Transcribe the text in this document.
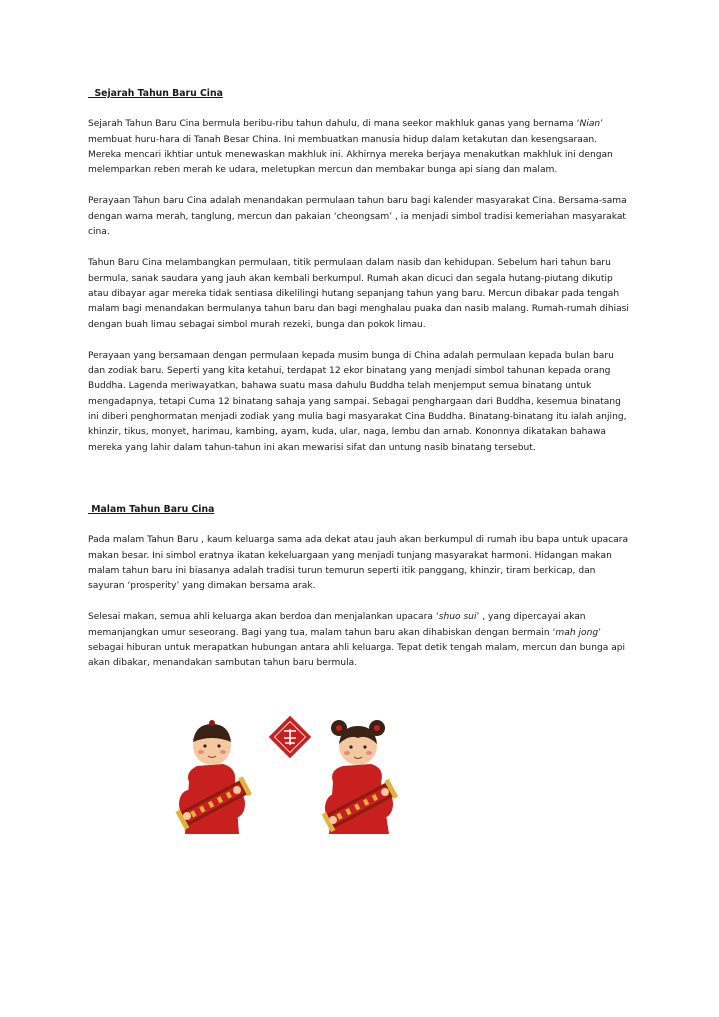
Sejarah Tahun Baru Cina

Sejarah Tahun Baru Cina bermula beribu-ribu tahun dahulu, di mana seekor makhluk ganas yang bernama ‘Nian’ membuat huru-hara di Tanah Besar China. Ini membuatkan manusia hidup dalam ketakutan dan kesengsaraan. Mereka mencari ikhtiar untuk menewaskan makhluk ini. Akhirnya mereka berjaya menakutkan makhluk ini dengan melemparkan reben merah ke udara, meletupkan mercun dan membakar bunga api siang dan malam.

Perayaan Tahun baru Cina adalah menandakan permulaan tahun baru bagi kalender masyarakat Cina. Bersama-sama dengan warna merah, tanglung, mercun dan pakaian ‘cheongsam’ , ia menjadi simbol tradisi kemeriahan masyarakat cina.

Tahun Baru Cina melambangkan permulaan, titik permulaan dalam nasib dan kehidupan. Sebelum hari tahun baru bermula, sanak saudara yang jauh akan kembali berkumpul. Rumah akan dicuci dan segala hutang-piutang dikutip atau dibayar agar mereka tidak sentiasa dikelilingi hutang sepanjang tahun yang baru. Mercun dibakar pada tengah malam bagi menandakan bermulanya tahun baru dan bagi menghalau puaka dan nasib malang. Rumah-rumah dihiasi dengan buah limau sebagai simbol murah rezeki, bunga dan pokok limau.

Perayaan yang bersamaan dengan permulaan kepada musim bunga di China adalah permulaan kepada bulan baru dan zodiak baru. Seperti yang kita ketahui, terdapat 12 ekor binatang yang menjadi simbol tahunan kepada orang Buddha. Lagenda meriwayatkan, bahawa suatu masa dahulu Buddha telah menjemput semua binatang untuk mengadapnya, tetapi Cuma 12 binatang sahaja yang sampai. Sebagai penghargaan dari Buddha, kesemua binatang ini diberi penghormatan menjadi zodiak yang mulia bagi masyarakat Cina Buddha. Binatang-binatang itu ialah anjing, khinzir, tikus, monyet, harimau, kambing, ayam, kuda, ular, naga, lembu dan arnab. Kononnya dikatakan bahawa mereka yang lahir dalam tahun-tahun ini akan mewarisi sifat dan untung nasib binatang tersebut.

Malam Tahun Baru Cina

Pada malam Tahun Baru , kaum keluarga sama ada dekat atau jauh akan berkumpul di rumah ibu bapa untuk upacara makan besar. Ini simbol eratnya ikatan kekeluargaan yang menjadi tunjang masyarakat harmoni. Hidangan makan malam tahun baru ini biasanya adalah tradisi turun temurun seperti itik panggang, khinzir, tiram berkicap, dan sayuran ‘prosperity’ yang dimakan bersama arak.

Selesai makan, semua ahli keluarga akan berdoa dan menjalankan upacara ‘shuo sui’ , yang dipercayai akan memanjangkan umur seseorang. Bagi yang tua, malam tahun baru akan dihabiskan dengan bermain ‘mah jong’ sebagai hiburan untuk merapatkan hubungan antara ahli keluarga. Tepat detik tengah malam, mercun dan bunga api akan dibakar, menandakan sambutan tahun baru bermula.
